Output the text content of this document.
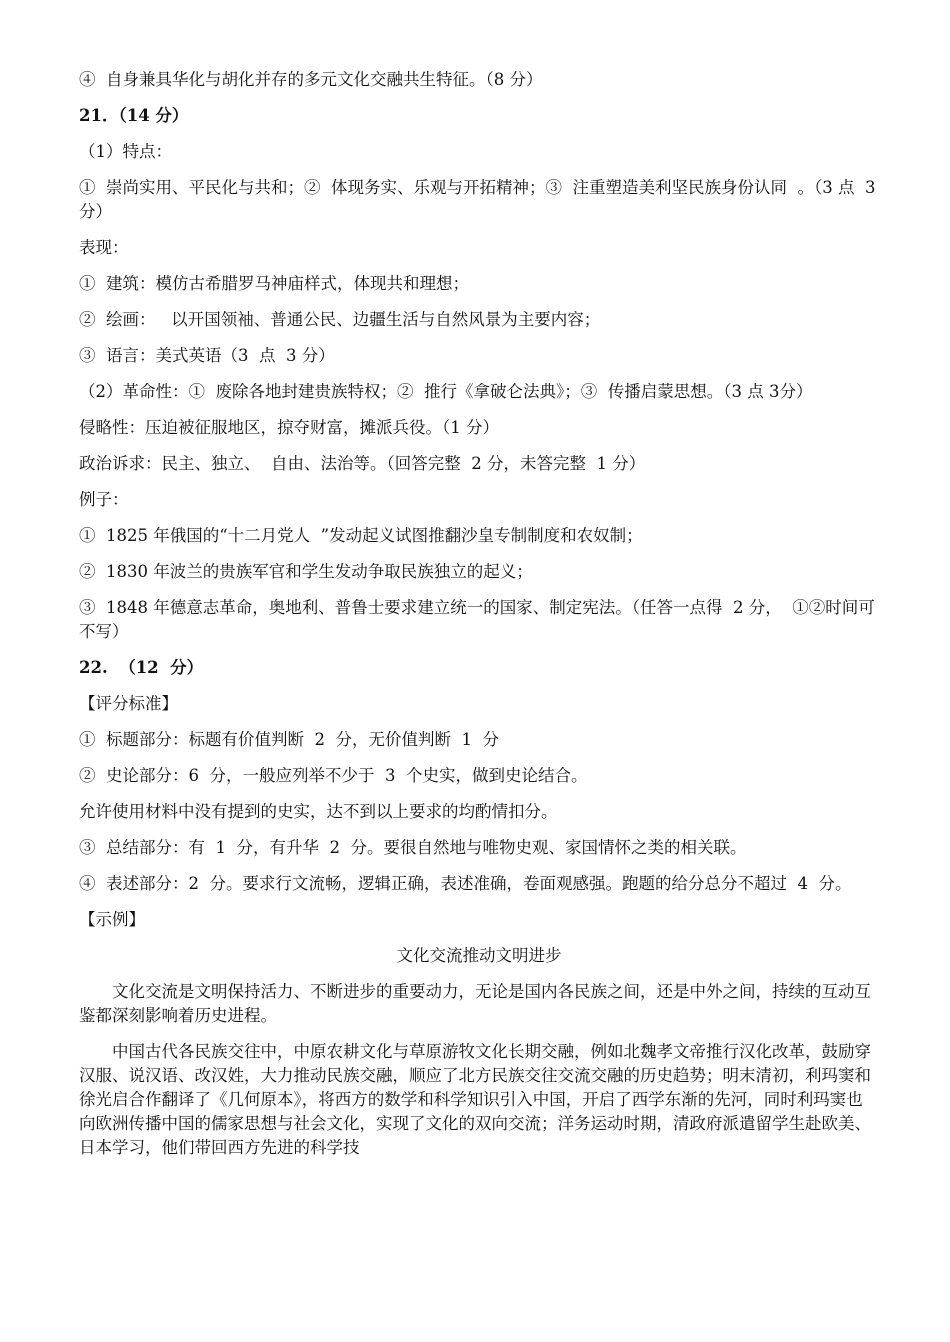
④  自身兼具华化与胡化并存的多元文化交融共生特征。（8 分）

21．（14 分）

（1）特点：

①  崇尚实用、平民化与共和；②  体现务实、乐观与开拓精神；③  注重塑造美利坚民族身份认同  。（3 点  3 分）

表现：

①  建筑：模仿古希腊罗马神庙样式，体现共和理想；

②  绘画：   以开国领袖、普通公民、边疆生活与自然风景为主要内容；

③  语言：美式英语（3  点  3 分）

（2）革命性：①  废除各地封建贵族特权；②  推行《拿破仑法典》；③  传播启蒙思想。（3 点 3分）

侵略性：压迫被征服地区，掠夺财富，摊派兵役。（1 分）

政治诉求：民主、独立、  自由、法治等。（回答完整  2 分，未答完整  1 分）

例子：

①  1825 年俄国的“十二月党人  ”发动起义试图推翻沙皇专制制度和农奴制；

②  1830 年波兰的贵族军官和学生发动争取民族独立的起义；

③  1848 年德意志革命，奥地利、普鲁士要求建立统一的国家、制定宪法。（任答一点得  2 分，  ①②时间可不写）

22.  （12  分）

【评分标准】

①  标题部分：标题有价值判断  2  分，无价值判断  1  分

②  史论部分：6  分，一般应列举不少于  3  个史实，做到史论结合。

允许使用材料中没有提到的史实，达不到以上要求的均酌情扣分。

③  总结部分：有  1  分，有升华  2  分。要很自然地与唯物史观、家国情怀之类的相关联。

④  表述部分：2  分。要求行文流畅，逻辑正确，表述准确，卷面观感强。跑题的给分总分不超过  4  分。

【示例】

文化交流推动文明进步

文化交流是文明保持活力、不断进步的重要动力，无论是国内各民族之间，还是中外之间，持续的互动互鉴都深刻影响着历史进程。

中国古代各民族交往中，中原农耕文化与草原游牧文化长期交融，例如北魏孝文帝推行汉化改革，鼓励穿汉服、说汉语、改汉姓，大力推动民族交融，顺应了北方民族交往交流交融的历史趋势；明末清初，利玛窦和徐光启合作翻译了《几何原本》，将西方的数学和科学知识引入中国，开启了西学东渐的先河，同时利玛窦也向欧洲传播中国的儒家思想与社会文化，实现了文化的双向交流；洋务运动时期，清政府派遣留学生赴欧美、  日本学习，他们带回西方先进的科学技
